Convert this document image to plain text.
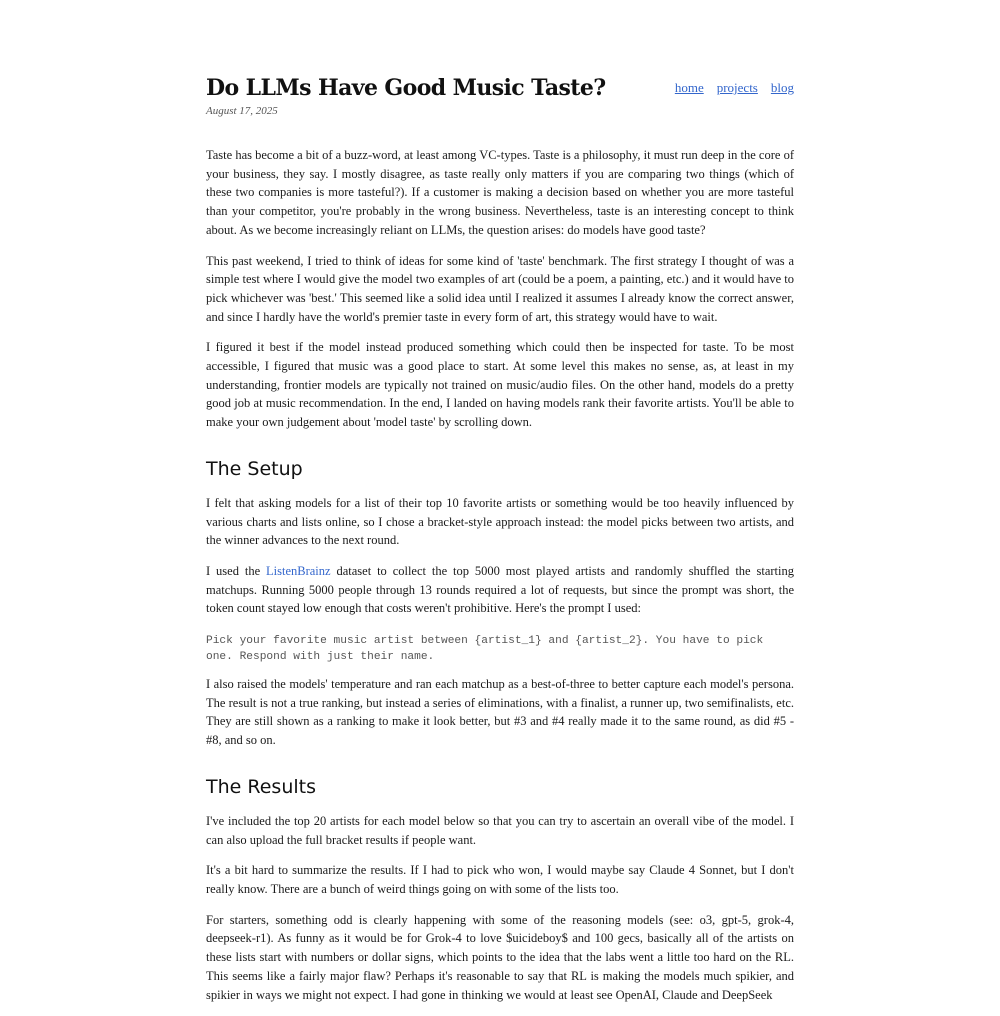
Do LLMs Have Good Music Taste?

August 17, 2025

home projects blog

Taste has become a bit of a buzz-word, at least among VC-types. Taste is a philosophy, it must run deep in the core of your business, they say. I mostly disagree, as taste really only matters if you are comparing two things (which of these two companies is more tasteful?). If a customer is making a decision based on whether you are more tasteful than your competitor, you're probably in the wrong business. Nevertheless, taste is an interesting concept to think about. As we become increasingly reliant on LLMs, the question arises: do models have good taste?

This past weekend, I tried to think of ideas for some kind of 'taste' benchmark. The first strategy I thought of was a simple test where I would give the model two examples of art (could be a poem, a painting, etc.) and it would have to pick whichever was 'best.' This seemed like a solid idea until I realized it assumes I already know the correct answer, and since I hardly have the world's premier taste in every form of art, this strategy would have to wait.

I figured it best if the model instead produced something which could then be inspected for taste. To be most accessible, I figured that music was a good place to start. At some level this makes no sense, as, at least in my understanding, frontier models are typically not trained on music/audio files. On the other hand, models do a pretty good job at music recommendation. In the end, I landed on having models rank their favorite artists. You'll be able to make your own judgement about 'model taste' by scrolling down.

The Setup

I felt that asking models for a list of their top 10 favorite artists or something would be too heavily influenced by various charts and lists online, so I chose a bracket-style approach instead: the model picks between two artists, and the winner advances to the next round.

I used the ListenBrainz dataset to collect the top 5000 most played artists and randomly shuffled the starting matchups. Running 5000 people through 13 rounds required a lot of requests, but since the prompt was short, the token count stayed low enough that costs weren't prohibitive. Here's the prompt I used:

Pick your favorite music artist between {artist_1} and {artist_2}. You have to pick one. Respond with just their name.

I also raised the models' temperature and ran each matchup as a best-of-three to better capture each model's persona. The result is not a true ranking, but instead a series of eliminations, with a finalist, a runner up, two semifinalists, etc. They are still shown as a ranking to make it look better, but #3 and #4 really made it to the same round, as did #5 - #8, and so on.

The Results

I've included the top 20 artists for each model below so that you can try to ascertain an overall vibe of the model. I can also upload the full bracket results if people want.

It's a bit hard to summarize the results. If I had to pick who won, I would maybe say Claude 4 Sonnet, but I don't really know. There are a bunch of weird things going on with some of the lists too.

For starters, something odd is clearly happening with some of the reasoning models (see: o3, gpt-5, grok-4, deepseek-r1). As funny as it would be for Grok-4 to love $uicideboy$ and 100 gecs, basically all of the artists on these lists start with numbers or dollar signs, which points to the idea that the labs went a little too hard on the RL. This seems like a fairly major flaw? Perhaps it's reasonable to say that RL is making the models much spikier, and spikier in ways we might not expect. I had gone in thinking we would at least see OpenAI, Claude and DeepSeek
